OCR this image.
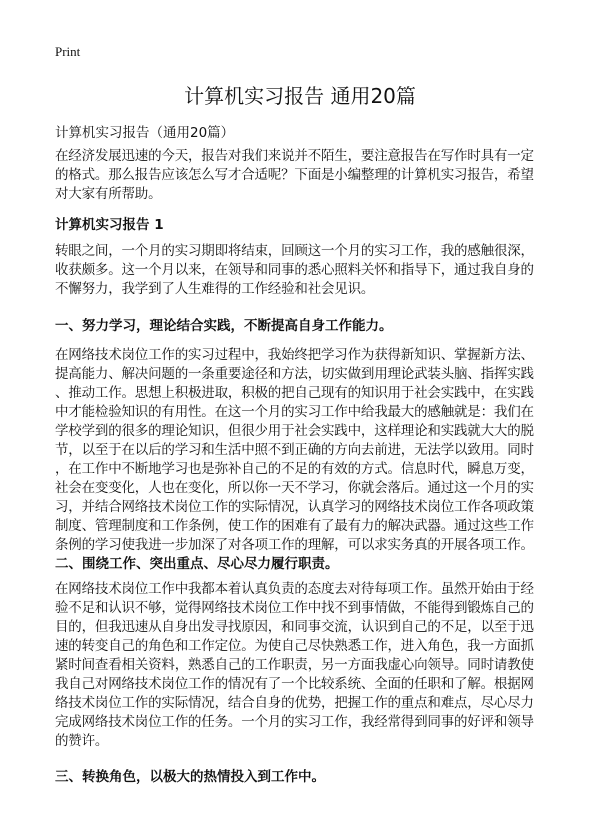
Print
计算机实习报告 通用20篇
计算机实习报告（通用20篇）
在经济发展迅速的今天，报告对我们来说并不陌生，要注意报告在写作时具有一定
的格式。那么报告应该怎么写才合适呢？下面是小编整理的计算机实习报告，希望
对大家有所帮助。
计算机实习报告 1
转眼之间，一个月的实习期即将结束，回顾这一个月的实习工作，我的感触很深，
收获颇多。这一个月以来，在领导和同事的悉心照料关怀和指导下，通过我自身的
不懈努力，我学到了人生难得的工作经验和社会见识。
一、努力学习，理论结合实践，不断提高自身工作能力。
在网络技术岗位工作的实习过程中，我始终把学习作为获得新知识、掌握新方法、
提高能力、解决问题的一条重要途径和方法，切实做到用理论武装头脑、指挥实践
、推动工作。思想上积极进取，积极的把自己现有的知识用于社会实践中，在实践
中才能检验知识的有用性。在这一个月的实习工作中给我最大的感触就是：我们在
学校学到的很多的理论知识，但很少用于社会实践中，这样理论和实践就大大的脱
节，以至于在以后的学习和生活中照不到正确的方向去前进，无法学以致用。同时
，在工作中不断地学习也是弥补自己的不足的有效的方式。信息时代，瞬息万变，
社会在变变化，人也在变化，所以你一天不学习，你就会落后。通过这一个月的实
习，并结合网络技术岗位工作的实际情况，认真学习的网络技术岗位工作各项政策
制度、管理制度和工作条例，使工作的困难有了最有力的解决武器。通过这些工作
条例的学习使我进一步加深了对各项工作的理解，可以求实务真的开展各项工作。
二、围绕工作、突出重点、尽心尽力履行职责。
在网络技术岗位工作中我都本着认真负责的态度去对待每项工作。虽然开始由于经
验不足和认识不够，觉得网络技术岗位工作中找不到事情做，不能得到锻炼自己的
目的，但我迅速从自身出发寻找原因，和同事交流，认识到自己的不足，以至于迅
速的转变自己的角色和工作定位。为使自己尽快熟悉工作，进入角色，我一方面抓
紧时间查看相关资料，熟悉自己的工作职责，另一方面我虚心向领导。同时请教使
我自己对网络技术岗位工作的情况有了一个比较系统、全面的任职和了解。根据网
络技术岗位工作的实际情况，结合自身的优势，把握工作的重点和难点，尽心尽力
完成网络技术岗位工作的任务。一个月的实习工作，我经常得到同事的好评和领导
的赞许。
三、转换角色，以极大的热情投入到工作中。
